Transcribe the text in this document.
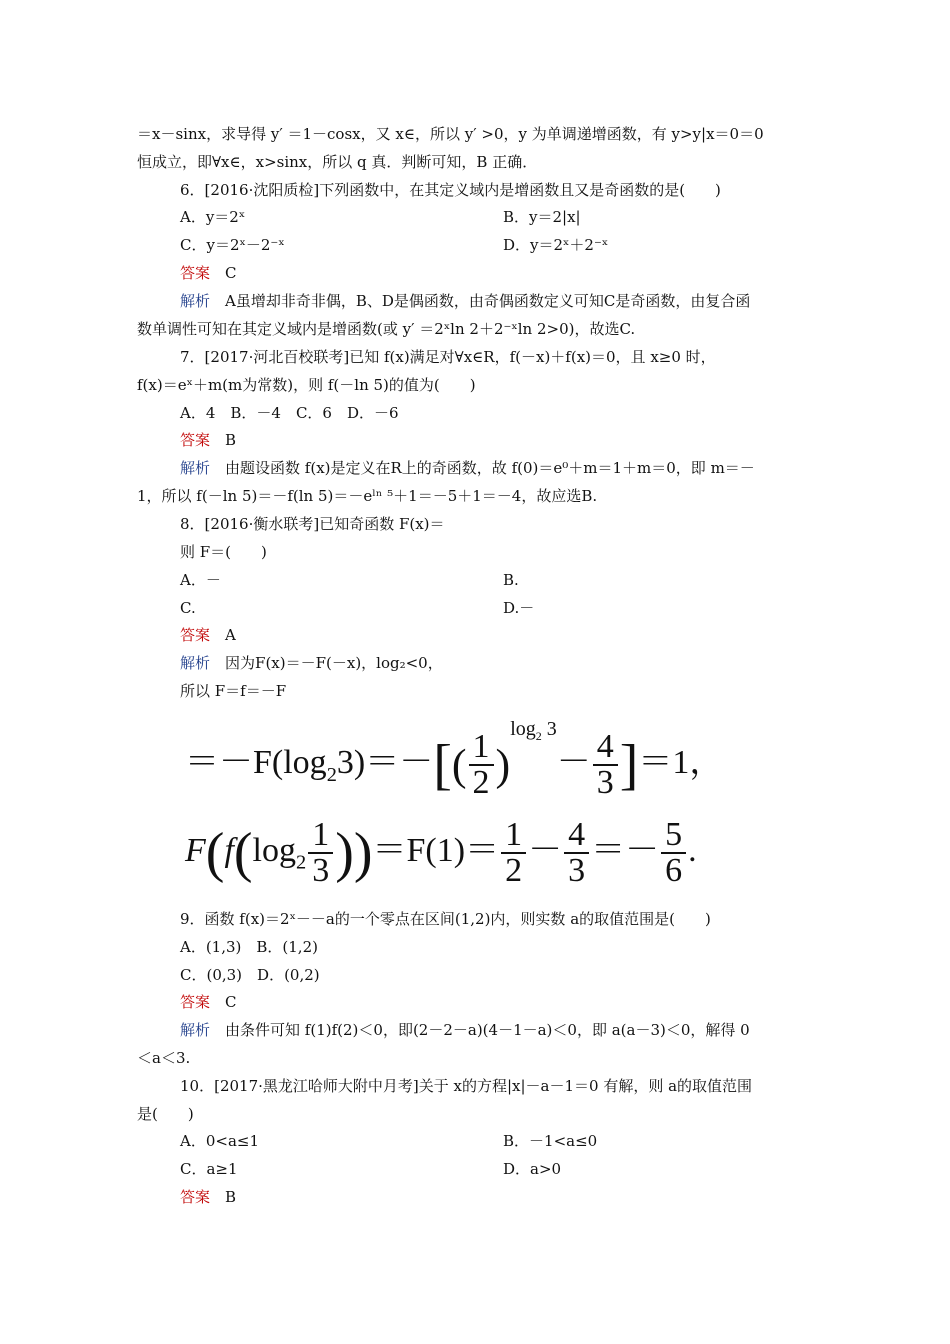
＝x－sinx，求导得 y′ ＝1－cosx，又 x∈，所以 y′ >0，y 为单调递增函数，有 y>y|x＝0＝0
恒成立，即∀x∈，x>sinx，所以 q 真．判断可知，B 正确．
6．[2016·沈阳质检]下列函数中，在其定义域内是增函数且又是奇函数的是(　　)
A．y＝2ˣ	B．y＝2|x|
C．y＝2ˣ－2⁻ˣ	D．y＝2ˣ＋2⁻ˣ
答案　 C
解析　 A虽增却非奇非偶，B、D是偶函数，由奇偶函数定义可知C是奇函数，由复合函
数单调性可知在其定义域内是增函数(或 y′ ＝2ˣln 2＋2⁻ˣln 2>0)，故选C.
7．[2017·河北百校联考]已知 f(x)满足对∀x∈R，f(－x)＋f(x)＝0，且 x≥0 时，
f(x)＝eˣ＋m(m为常数)，则 f(－ln 5)的值为(　　)
A．4　B．－4　C．6　D．－6
答案　 B
解析　 由题设函数 f(x)是定义在R上的奇函数，故 f(0)＝e⁰＋m＝1＋m＝0，即 m＝－
1，所以 f(－ln 5)＝－f(ln 5)＝－eˡⁿ ⁵＋1＝－5＋1＝－4，故应选B.
8．[2016·衡水联考]已知奇函数 F(x)＝
则 F＝(　　)
A．－	B.
C.	D.－
答案　 A
解析　 因为F(x)＝－F(－x)，log₂<0，
所以 F＝f＝－F
$=-F(\log_23)=-[( \frac{1}{2} )^{log_2 3}- \frac{4}{3} ]=1$，
$F(f(\log_2 \frac{1}{3} ))=F(1)= \frac{1}{2} - \frac{4}{3} =- \frac{5}{6}$ .
9．函数 f(x)＝2ˣ－－a的一个零点在区间(1,2)内，则实数 a的取值范围是(　　)
A．(1,3)　B．(1,2)
C．(0,3)　D．(0,2)
答案　 C
解析　 由条件可知 f(1)f(2)＜0，即(2－2－a)(4－1－a)＜0，即 a(a－3)＜0，解得 0
＜a＜3.
10．[2017·黑龙江哈师大附中月考]关于 x的方程|x|－a－1＝0 有解，则 a的取值范围
是(　　)
A．0<a≤1	B．－1<a≤0
C．a≥1	D．a>0
答案　 B
